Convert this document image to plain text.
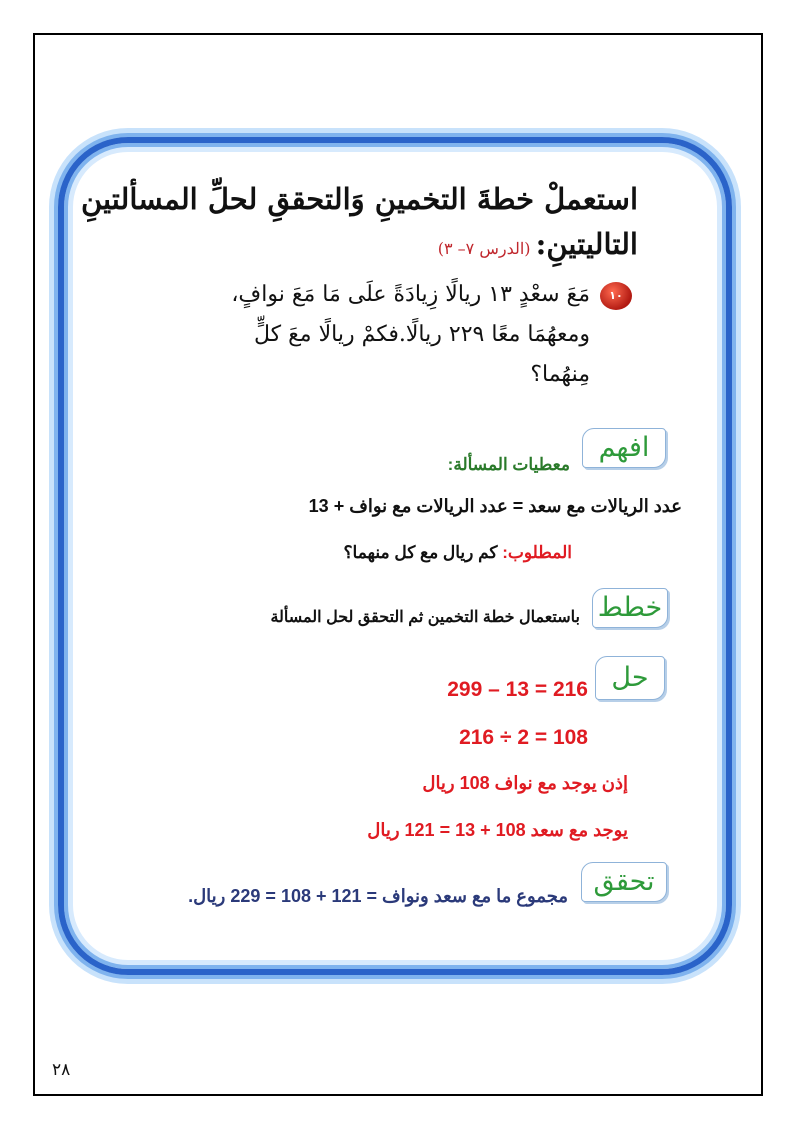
استعملْ خطةَ التخمينِ وَالتحققِ لحلِّ المسألتينِ
التاليتينِ: (الدرس ٧– ٣)
١٠
مَعَ سعْدٍ ١٣ ريالًا زِيادَةً علَى مَا مَعَ نوافٍ،
ومعهُمَا معًا ٢٢٩ ريالًا.فكمْ ريالًا معَ كلٍّ
مِنهُما؟
افهم
معطيات المسألة:
عدد الريالات مع سعد = عدد الريالات مع نواف + 13
المطلوب: كم ريال مع كل منهما؟
خطط
باستعمال خطة التخمين ثم التحقق لحل المسألة
حل
216 = 13 – 299
108 = 2 ÷ 216
إذن يوجد مع نواف 108 ريال
يوجد مع سعد 108 + 13 = 121 ريال
تحقق
مجموع ما مع سعد ونواف = 121 + 108 = 229 ريال.
٢٨
